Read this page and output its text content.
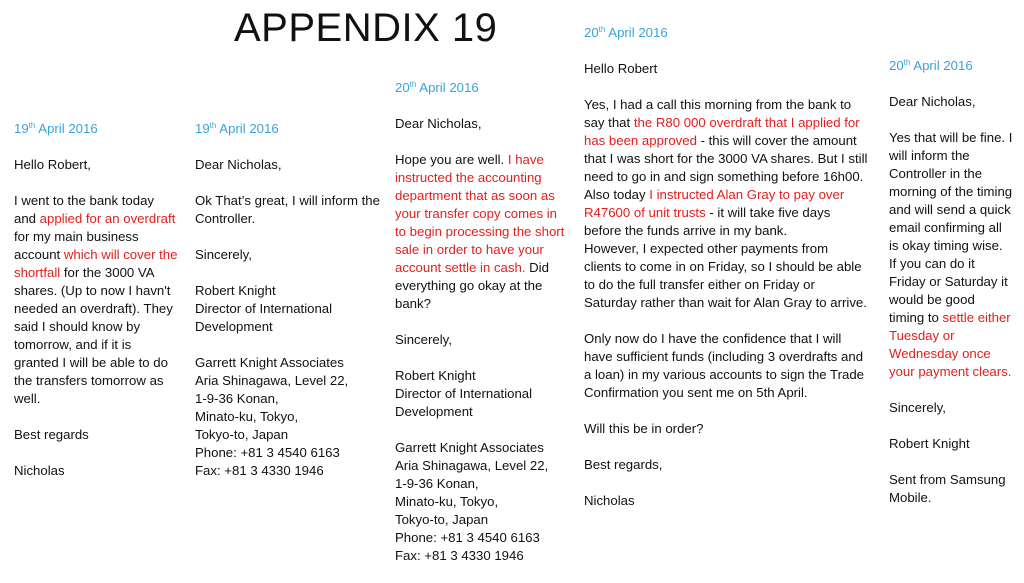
APPENDIX 19
19th April 2016

Hello Robert,

I went to the bank today and applied for an overdraft for my main business account which will cover the shortfall for the 3000 VA shares. (Up to now I havn't needed an overdraft). They said I should know by tomorrow, and if it is granted I will be able to do the transfers tomorrow as well.

Best regards

Nicholas

19th April 2016

Dear Nicholas,

Ok That’s great, I will inform the Controller.

Sincerely,

Robert Knight
Director of International Development

Garrett Knight Associates
Aria Shinagawa, Level 22,
1-9-36 Konan,
Minato-ku, Tokyo,
Tokyo-to, Japan
Phone: +81 3 4540 6163
Fax: +81 3 4330 1946

20th April 2016

Dear Nicholas,

Hope you are well. I have instructed the accounting department that as soon as your transfer copy comes in to begin processing the short sale in order to have your account settle in cash. Did everything go okay at the bank?

Sincerely,

Robert Knight
Director of International Development

Garrett Knight Associates
Aria Shinagawa, Level 22,
1-9-36 Konan,
Minato-ku, Tokyo,
Tokyo-to, Japan
Phone: +81 3 4540 6163
Fax: +81 3 4330 1946

20th April 2016

Hello Robert

Yes, I had a call this morning from the bank to say that the R80 000 overdraft that I applied for has been approved - this will cover the amount that I was short for the 3000 VA shares. But I still need to go in and sign something before 16h00. Also today I instructed Alan Gray to pay over R47600 of unit trusts - it will take five days before the funds arrive in my bank.
However, I expected other payments from clients to come in on Friday, so I should be able to do the full transfer either on Friday or Saturday rather than wait for Alan Gray to arrive.

Only now do I have the confidence that I will have sufficient funds (including 3 overdrafts and a loan) in my various accounts to sign the Trade Confirmation you sent me on 5th April.

Will this be in order?

Best regards,

Nicholas

20th April 2016

Dear Nicholas,

Yes that will be fine. I will inform the Controller in the morning of the timing and will send a quick email confirming all is okay timing wise. If you can do it Friday or Saturday it would be good timing to settle either Tuesday or Wednesday once your payment clears.

Sincerely,

Robert Knight

Sent from Samsung Mobile.
